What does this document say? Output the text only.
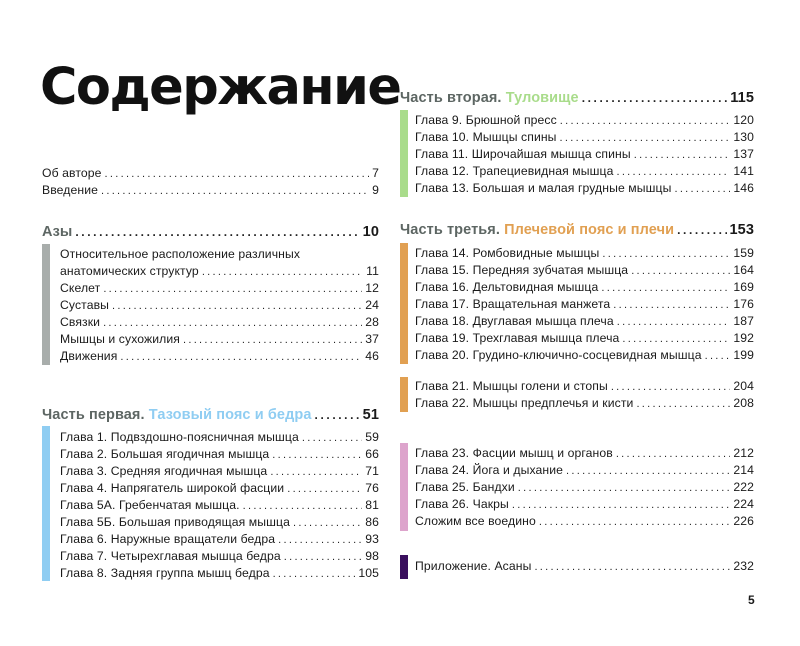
Содержание
Об авторе .....	7
Введение .....	9
Азы .....	10
Относительное расположение различных
анатомических структур .....	11
Скелет .....	12
Суставы .....	24
Связки .....	28
Мышцы и сухожилия .....	37
Движения .....	46
Часть первая. Тазовый пояс и бедра .....	51
Глава 1. Подвздошно-поясничная мышца .....	59
Глава 2. Большая ягодичная мышца .....	66
Глава 3. Средняя ягодичная мышца .....	71
Глава 4. Напрягатель широкой фасции .....	76
Глава 5А. Гребенчатая мышца. .....	81
Глава 5Б. Большая приводящая мышца .....	86
Глава 6. Наружные вращатели бедра .....	93
Глава 7. Четырехглавая мышца бедра .....	98
Глава 8. Задняя группа мышц бедра .....	105
Часть вторая. Туловище .....	115
Глава 9. Брюшной пресс .....	120
Глава 10. Мышцы спины .....	130
Глава 11. Широчайшая мышца спины .....	137
Глава 12. Трапециевидная мышца .....	141
Глава 13. Большая и малая грудные мышцы .....	146
Часть третья. Плечевой пояс и плечи .....	153
Глава 14. Ромбовидные мышцы .....	159
Глава 15. Передняя зубчатая мышца .....	164
Глава 16. Дельтовидная мышца .....	169
Глава 17. Вращательная манжета .....	176
Глава 18. Двуглавая мышца плеча .....	187
Глава 19. Трехглавая мышца плеча .....	192
Глава 20. Грудино-ключично-сосцевидная мышца .....	199
Глава 21. Мышцы голени и стопы .....	204
Глава 22. Мышцы предплечья и кисти .....	208
Глава 23. Фасции мышц и органов .....	212
Глава 24. Йога и дыхание .....	214
Глава 25. Бандхи .....	222
Глава 26. Чакры .....	224
Сложим все воедино .....	226
Приложение. Асаны .....	232
5
